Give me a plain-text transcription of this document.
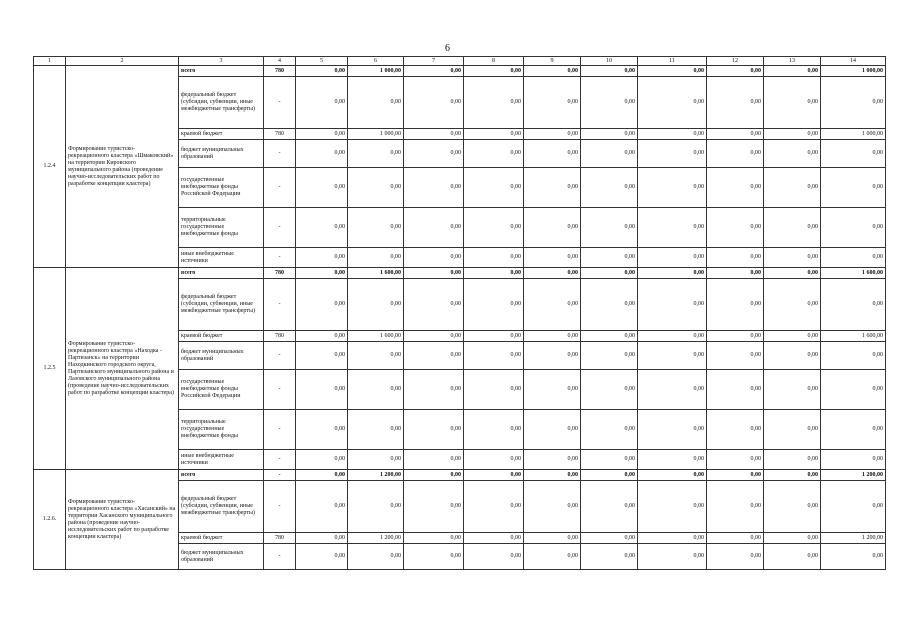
6
1	2	3	4	5	6	7	8	9	10	11	12	13	14
1.2.4	Формирование туристско-рекреационного кластера «Шмаковский» на территории Кировского муниципального района (проведение научно-исследовательских работ по разработке концепции кластера)	всего	780	0,00	1 000,00	0,00	0,00	0,00	0,00	0,00	0,00	0,00	1 000,00
		федеральный бюджет (субсидии, субвенции, иные межбюджетные трансферты)	-	0,00	0,00	0,00	0,00	0,00	0,00	0,00	0,00	0,00	0,00
		краевой бюджет	780	0,00	1 000,00	0,00	0,00	0,00	0,00	0,00	0,00	0,00	1 000,00
		бюджет муниципальных образований	-	0,00	0,00	0,00	0,00	0,00	0,00	0,00	0,00	0,00	0,00
		государственные внебюджетные фонды Российской Федерации	-	0,00	0,00	0,00	0,00	0,00	0,00	0,00	0,00	0,00	0,00
		территориальные государственные внебюджетные фонды	-	0,00	0,00	0,00	0,00	0,00	0,00	0,00	0,00	0,00	0,00
		иные внебюджетные источники	-	0,00	0,00	0,00	0,00	0,00	0,00	0,00	0,00	0,00	0,00
1.2.5	Формирование туристско-рекреационного кластера «Находка - Партизанск» на территории Находкинского городского округа, Партизанского муниципального района и Лазовского муниципального района (проведение научно-исследовательских работ по разработке концепции кластера)	всего	780	0,00	1 600,00	0,00	0,00	0,00	0,00	0,00	0,00	0,00	1 600,00
		федеральный бюджет (субсидии, субвенции, иные межбюджетные трансферты)	-	0,00	0,00	0,00	0,00	0,00	0,00	0,00	0,00	0,00	0,00
		краевой бюджет	780	0,00	1 600,00	0,00	0,00	0,00	0,00	0,00	0,00	0,00	1 600,00
		бюджет муниципальных образований	-	0,00	0,00	0,00	0,00	0,00	0,00	0,00	0,00	0,00	0,00
		государственные внебюджетные фонды Российской Федерации	-	0,00	0,00	0,00	0,00	0,00	0,00	0,00	0,00	0,00	0,00
		территориальные государственные внебюджетные фонды	-	0,00	0,00	0,00	0,00	0,00	0,00	0,00	0,00	0,00	0,00
		иные внебюджетные источники	-	0,00	0,00	0,00	0,00	0,00	0,00	0,00	0,00	0,00	0,00
1.2.6.	Формирование туристско-рекреационного кластера «Хасанский» на территории Хасанского муниципального района (проведение научно-исследовательских работ по разработке концепции кластера)	всего	-	0,00	1 200,00	0,00	0,00	0,00	0,00	0,00	0,00	0,00	1 200,00
		федеральный бюджет (субсидии, субвенции, иные межбюджетные трансферты)	-	0,00	0,00	0,00	0,00	0,00	0,00	0,00	0,00	0,00	0,00
		краевой бюджет	780	0,00	1 200,00	0,00	0,00	0,00	0,00	0,00	0,00	0,00	1 200,00
		бюджет муниципальных образований	-	0,00	0,00	0,00	0,00	0,00	0,00	0,00	0,00	0,00	0,00
